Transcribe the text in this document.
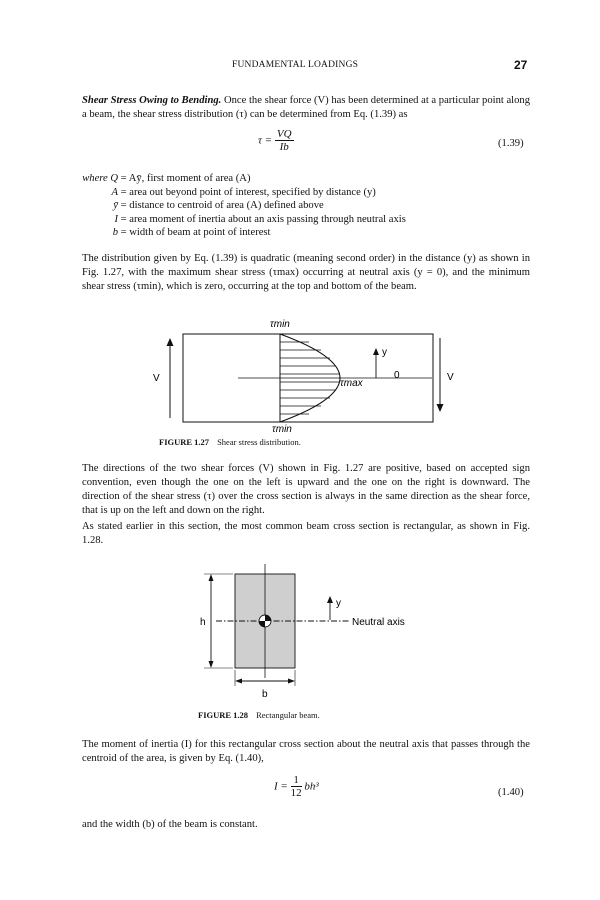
FUNDAMENTAL LOADINGS	27
Shear Stress Owing to Bending. Once the shear force (V) has been determined at a particular point along a beam, the shear stress distribution (τ) can be determined from Eq. (1.39) as
$\tau = \frac{VQ}{Ib}$	(1.39)
where Q = Aȳ, first moment of area (A)
A = area out beyond point of interest, specified by distance (y)
ȳ = distance to centroid of area (A) defined above
I = area moment of inertia about an axis passing through neutral axis
b = width of beam at point of interest
The distribution given by Eq. (1.39) is quadratic (meaning second order) in the distance (y) as shown in Fig. 1.27, with the maximum shear stress (τmax) occurring at neutral axis (y = 0), and the minimum shear stress (τmin), which is zero, occurring at the top and bottom of the beam.
τmin
τmin
τmax
V	V
y
0
FIGURE 1.27 Shear stress distribution.
The directions of the two shear forces (V) shown in Fig. 1.27 are positive, based on accepted sign convention, even though the one on the left is upward and the one on the right is downward. The direction of the shear stress (τ) over the cross section is always in the same direction as the shear force, that is up on the left and down on the right.
As stated earlier in this section, the most common beam cross section is rectangular, as shown in Fig. 1.28.
h
b
y
Neutral axis
FIGURE 1.28 Rectangular beam.
The moment of inertia (I) for this rectangular cross section about the neutral axis that passes through the centroid of the area, is given by Eq. (1.40),
$I = \frac{1}{12} bh^3$	(1.40)
and the width (b) of the beam is constant.
